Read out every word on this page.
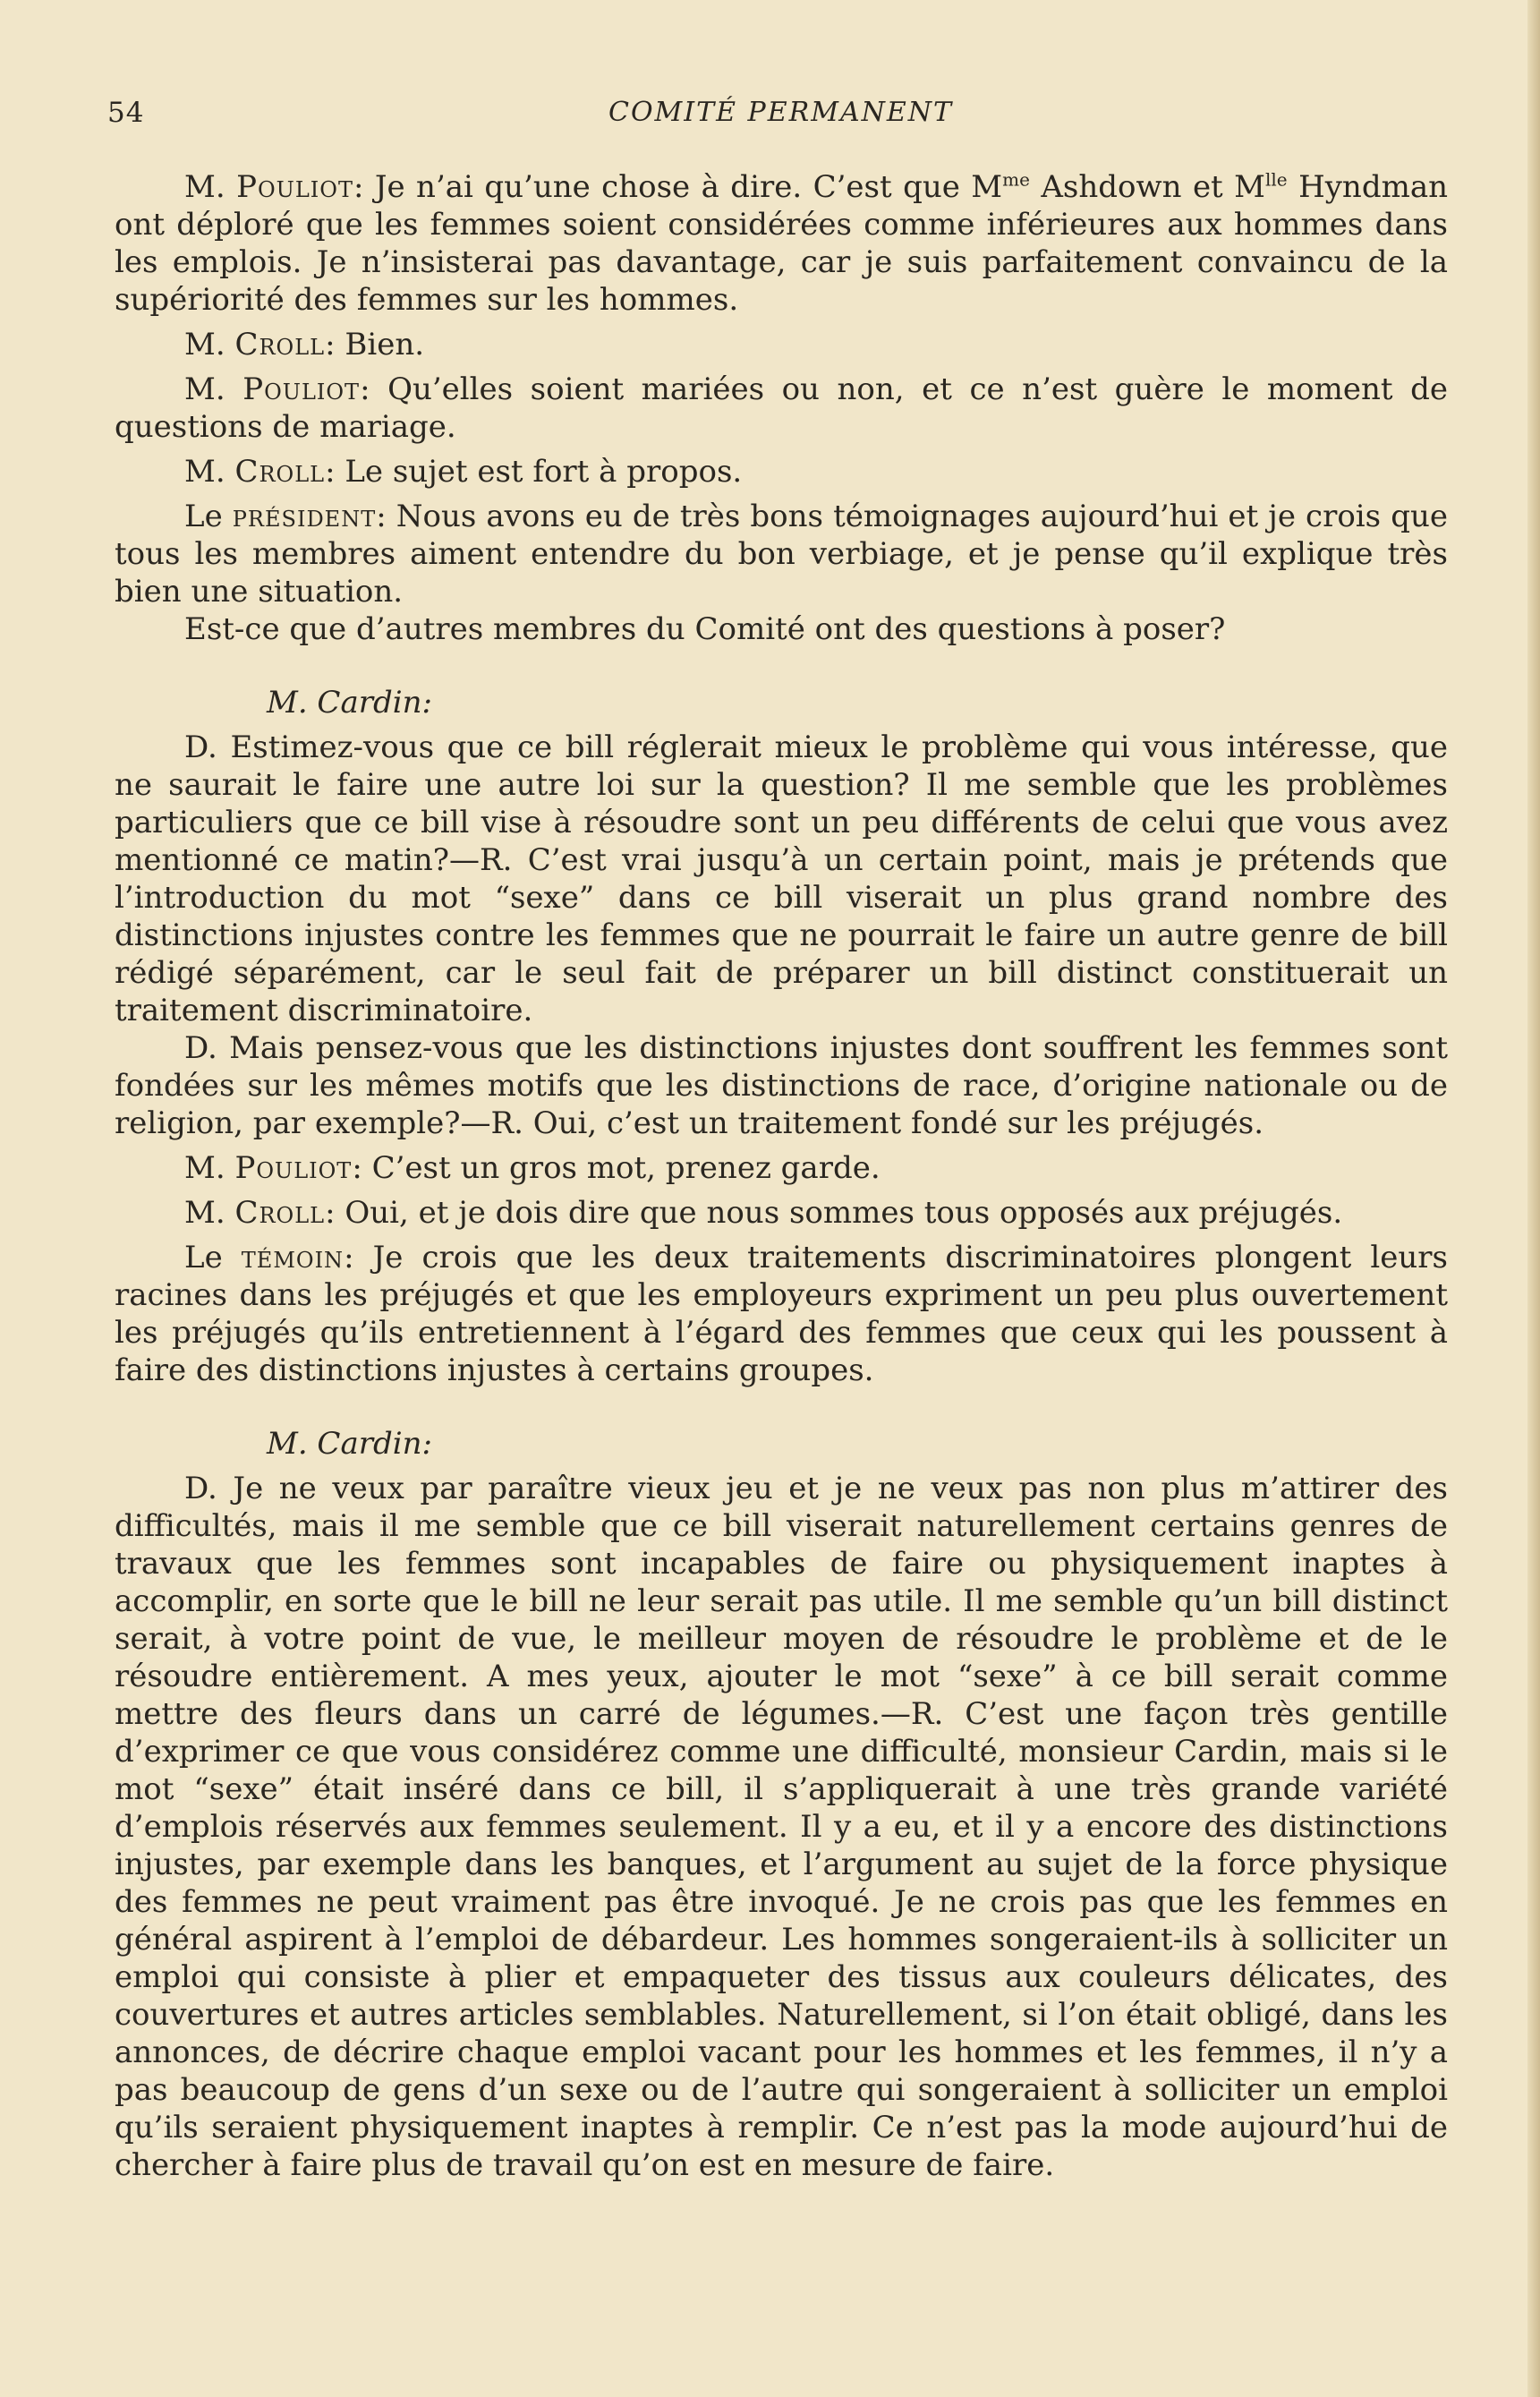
54	COMITÉ PERMANENT

M. Pouliot: Je n’ai qu’une chose à dire. C’est que $M^{me}$ Ashdown et $M^{lle}$ Hyndman ont déploré que les femmes soient considérées comme inférieures aux hommes dans les emplois. Je n’insisterai pas davantage, car je suis parfaitement convaincu de la supériorité des femmes sur les hommes.

M. Croll: Bien.

M. Pouliot: Qu’elles soient mariées ou non, et ce n’est guère le moment de questions de mariage.

M. Croll: Le sujet est fort à propos.

Le président: Nous avons eu de très bons témoignages aujourd’hui et je crois que tous les membres aiment entendre du bon verbiage, et je pense qu’il explique très bien une situation.

Est-ce que d’autres membres du Comité ont des questions à poser?

M. Cardin:

D. Estimez-vous que ce bill réglerait mieux le problème qui vous intéresse, que ne saurait le faire une autre loi sur la question? Il me semble que les problèmes particuliers que ce bill vise à résoudre sont un peu différents de celui que vous avez mentionné ce matin?—R. C’est vrai jusqu’à un certain point, mais je prétends que l’introduction du mot “sexe” dans ce bill viserait un plus grand nombre des distinctions injustes contre les femmes que ne pourrait le faire un autre genre de bill rédigé séparément, car le seul fait de préparer un bill distinct constituerait un traitement discriminatoire.

D. Mais pensez-vous que les distinctions injustes dont souffrent les femmes sont fondées sur les mêmes motifs que les distinctions de race, d’origine nationale ou de religion, par exemple?—R. Oui, c’est un traitement fondé sur les préjugés.

M. Pouliot: C’est un gros mot, prenez garde.

M. Croll: Oui, et je dois dire que nous sommes tous opposés aux préjugés.

Le témoin: Je crois que les deux traitements discriminatoires plongent leurs racines dans les préjugés et que les employeurs expriment un peu plus ouvertement les préjugés qu’ils entretiennent à l’égard des femmes que ceux qui les poussent à faire des distinctions injustes à certains groupes.

M. Cardin:

D. Je ne veux par paraître vieux jeu et je ne veux pas non plus m’attirer des difficultés, mais il me semble que ce bill viserait naturellement certains genres de travaux que les femmes sont incapables de faire ou physiquement inaptes à accomplir, en sorte que le bill ne leur serait pas utile. Il me semble qu’un bill distinct serait, à votre point de vue, le meilleur moyen de résoudre le problème et de le résoudre entièrement. A mes yeux, ajouter le mot “sexe” à ce bill serait comme mettre des fleurs dans un carré de légumes.—R. C’est une façon très gentille d’exprimer ce que vous considérez comme une difficulté, monsieur Cardin, mais si le mot “sexe” était inséré dans ce bill, il s’appliquerait à une très grande variété d’emplois réservés aux femmes seulement. Il y a eu, et il y a encore des distinctions injustes, par exemple dans les banques, et l’argument au sujet de la force physique des femmes ne peut vraiment pas être invoqué. Je ne crois pas que les femmes en général aspirent à l’emploi de débardeur. Les hommes songeraient-ils à solliciter un emploi qui consiste à plier et empaqueter des tissus aux couleurs délicates, des couvertures et autres articles semblables. Naturellement, si l’on était obligé, dans les annonces, de décrire chaque emploi vacant pour les hommes et les femmes, il n’y a pas beaucoup de gens d’un sexe ou de l’autre qui songeraient à solliciter un emploi qu’ils seraient physiquement inaptes à remplir. Ce n’est pas la mode aujourd’hui de chercher à faire plus de travail qu’on est en mesure de faire.
